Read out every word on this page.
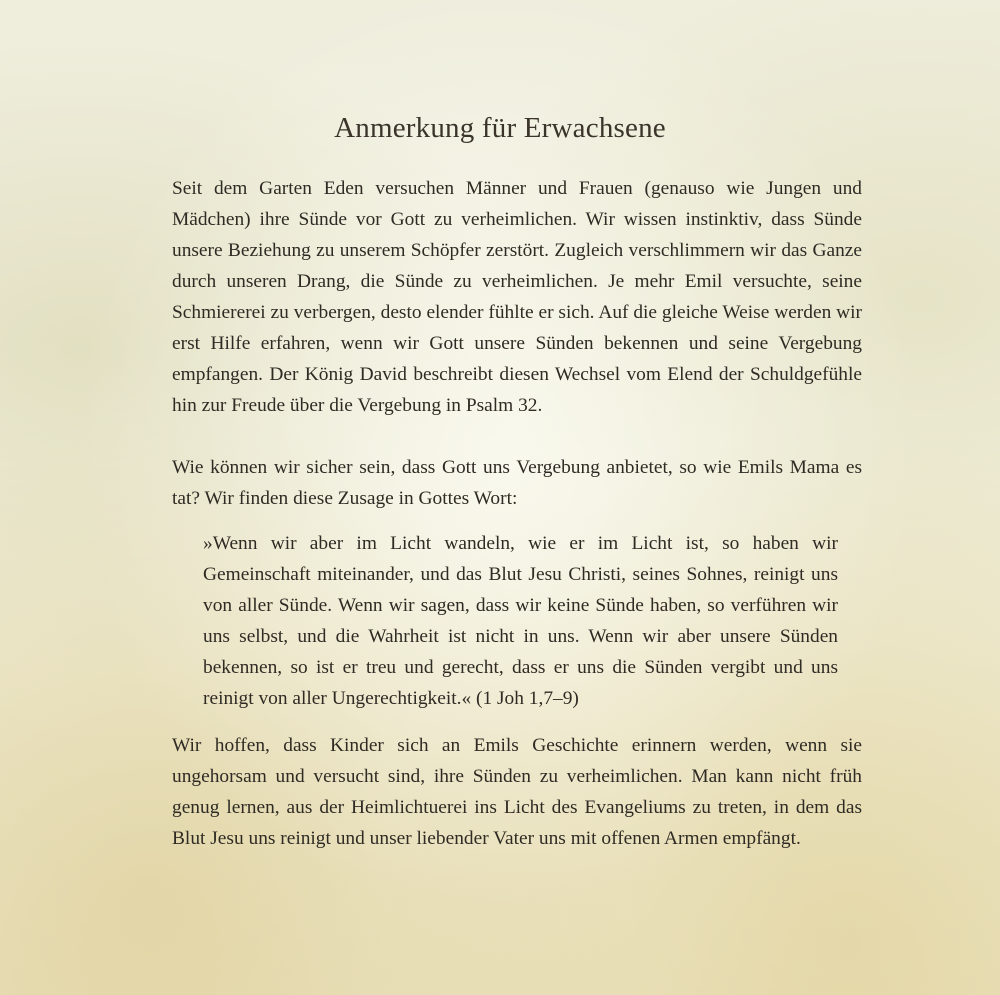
Anmerkung für Erwachsene

Seit dem Garten Eden versuchen Männer und Frauen (genauso wie Jungen und Mädchen) ihre Sünde vor Gott zu verheimlichen. Wir wissen instinktiv, dass Sünde unsere Beziehung zu unserem Schöpfer zerstört. Zugleich verschlimmern wir das Ganze durch unseren Drang, die Sünde zu verheimlichen. Je mehr Emil versuchte, seine Schmiererei zu verbergen, desto elender fühlte er sich. Auf die gleiche Weise werden wir erst Hilfe erfahren, wenn wir Gott unsere Sünden bekennen und seine Vergebung empfangen. Der König David beschreibt diesen Wechsel vom Elend der Schuldgefühle hin zur Freude über die Vergebung in Psalm 32.

Wie können wir sicher sein, dass Gott uns Vergebung anbietet, so wie Emils Mama es tat? Wir finden diese Zusage in Gottes Wort:

»Wenn wir aber im Licht wandeln, wie er im Licht ist, so haben wir Gemeinschaft miteinander, und das Blut Jesu Christi, seines Sohnes, reinigt uns von aller Sünde. Wenn wir sagen, dass wir keine Sünde haben, so verführen wir uns selbst, und die Wahrheit ist nicht in uns. Wenn wir aber unsere Sünden bekennen, so ist er treu und gerecht, dass er uns die Sünden vergibt und uns reinigt von aller Ungerechtigkeit.« (1 Joh 1,7–9)

Wir hoffen, dass Kinder sich an Emils Geschichte erinnern werden, wenn sie ungehorsam und versucht sind, ihre Sünden zu verheimlichen. Man kann nicht früh genug lernen, aus der Heimlichtuerei ins Licht des Evangeliums zu treten, in dem das Blut Jesu uns reinigt und unser liebender Vater uns mit offenen Armen empfängt.
